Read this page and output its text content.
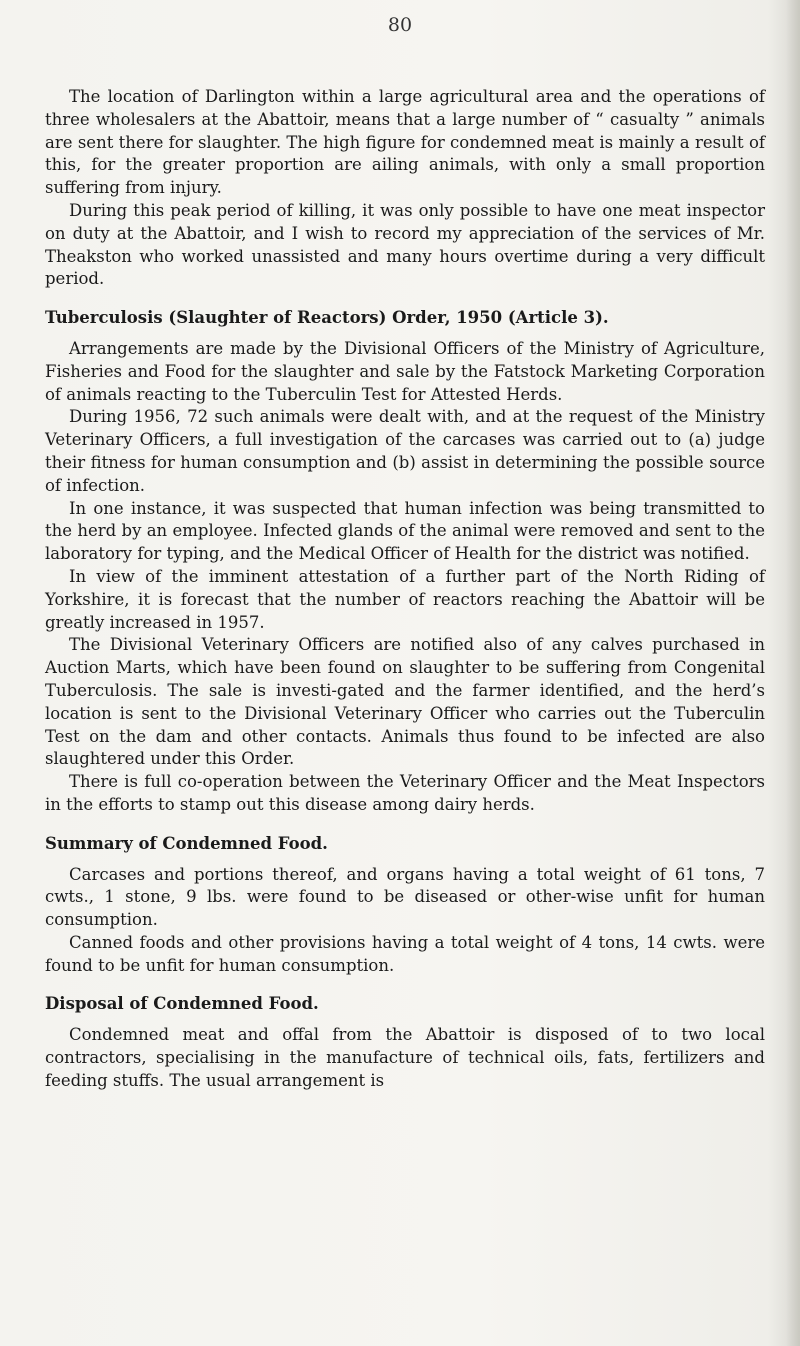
80

The location of Darlington within a large agricultural area and the operations of three wholesalers at the Abattoir, means that a large number of “ casualty ” animals are sent there for slaughter. The high figure for condemned meat is mainly a result of this, for the greater proportion are ailing animals, with only a small proportion suffering from injury.

During this peak period of killing, it was only possible to have one meat inspector on duty at the Abattoir, and I wish to record my appreciation of the services of Mr. Theakston who worked unassisted and many hours overtime during a very difficult period.

Tuberculosis (Slaughter of Reactors) Order, 1950 (Article 3).

Arrangements are made by the Divisional Officers of the Ministry of Agriculture, Fisheries and Food for the slaughter and sale by the Fatstock Marketing Corporation of animals reacting to the Tuberculin Test for Attested Herds.

During 1956, 72 such animals were dealt with, and at the request of the Ministry Veterinary Officers, a full investigation of the carcases was carried out to (a) judge their fitness for human consumption and (b) assist in determining the possible source of infection.

In one instance, it was suspected that human infection was being transmitted to the herd by an employee. Infected glands of the animal were removed and sent to the laboratory for typing, and the Medical Officer of Health for the district was notified.

In view of the imminent attestation of a further part of the North Riding of Yorkshire, it is forecast that the number of reactors reaching the Abattoir will be greatly increased in 1957.

The Divisional Veterinary Officers are notified also of any calves purchased in Auction Marts, which have been found on slaughter to be suffering from Congenital Tuberculosis. The sale is investi-gated and the farmer identified, and the herd’s location is sent to the Divisional Veterinary Officer who carries out the Tuberculin Test on the dam and other contacts. Animals thus found to be infected are also slaughtered under this Order.

There is full co-operation between the Veterinary Officer and the Meat Inspectors in the efforts to stamp out this disease among dairy herds.

Summary of Condemned Food.

Carcases and portions thereof, and organs having a total weight of 61 tons, 7 cwts., 1 stone, 9 lbs. were found to be diseased or other-wise unfit for human consumption.

Canned foods and other provisions having a total weight of 4 tons, 14 cwts. were found to be unfit for human consumption.

Disposal of Condemned Food.

Condemned meat and offal from the Abattoir is disposed of to two local contractors, specialising in the manufacture of technical oils, fats, fertilizers and feeding stuffs. The usual arrangement is
